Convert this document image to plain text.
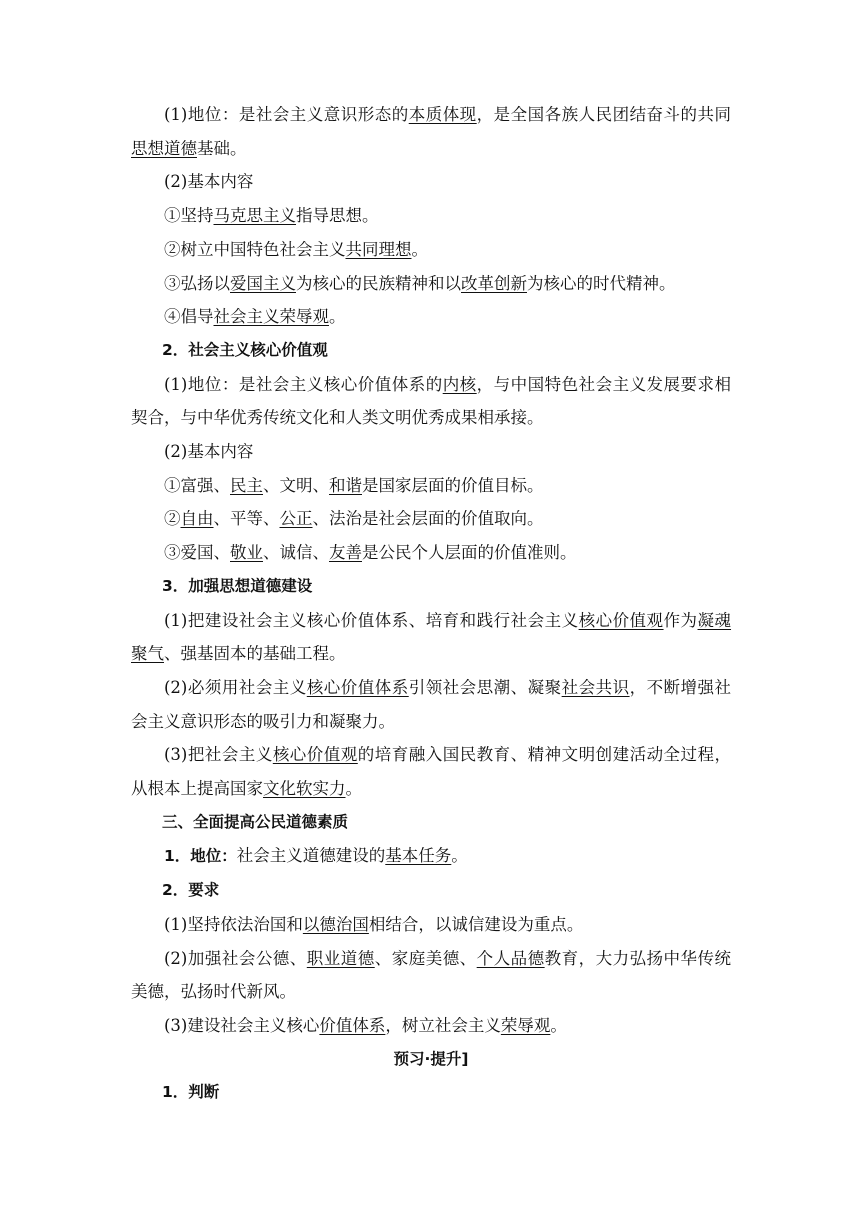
(1)地位：是社会主义意识形态的本质体现，是全国各族人民团结奋斗的共同思想道德基础。

(2)基本内容

①坚持马克思主义指导思想。

②树立中国特色社会主义共同理想。

③弘扬以爱国主义为核心的民族精神和以改革创新为核心的时代精神。

④倡导社会主义荣辱观。

2．社会主义核心价值观

(1)地位：是社会主义核心价值体系的内核，与中国特色社会主义发展要求相契合，与中华优秀传统文化和人类文明优秀成果相承接。

(2)基本内容

①富强、民主、文明、和谐是国家层面的价值目标。

②自由、平等、公正、法治是社会层面的价值取向。

③爱国、敬业、诚信、友善是公民个人层面的价值准则。

3．加强思想道德建设

(1)把建设社会主义核心价值体系、培育和践行社会主义核心价值观作为凝魂聚气、强基固本的基础工程。

(2)必须用社会主义核心价值体系引领社会思潮、凝聚社会共识，不断增强社会主义意识形态的吸引力和凝聚力。

(3)把社会主义核心价值观的培育融入国民教育、精神文明创建活动全过程，从根本上提高国家文化软实力。

三、全面提高公民道德素质

1．地位：社会主义道德建设的基本任务。

2．要求

(1)坚持依法治国和以德治国相结合，以诚信建设为重点。

(2)加强社会公德、职业道德、家庭美德、个人品德教育，大力弘扬中华传统美德，弘扬时代新风。

(3)建设社会主义核心价值体系，树立社会主义荣辱观。

预习·提升]

1．判断
